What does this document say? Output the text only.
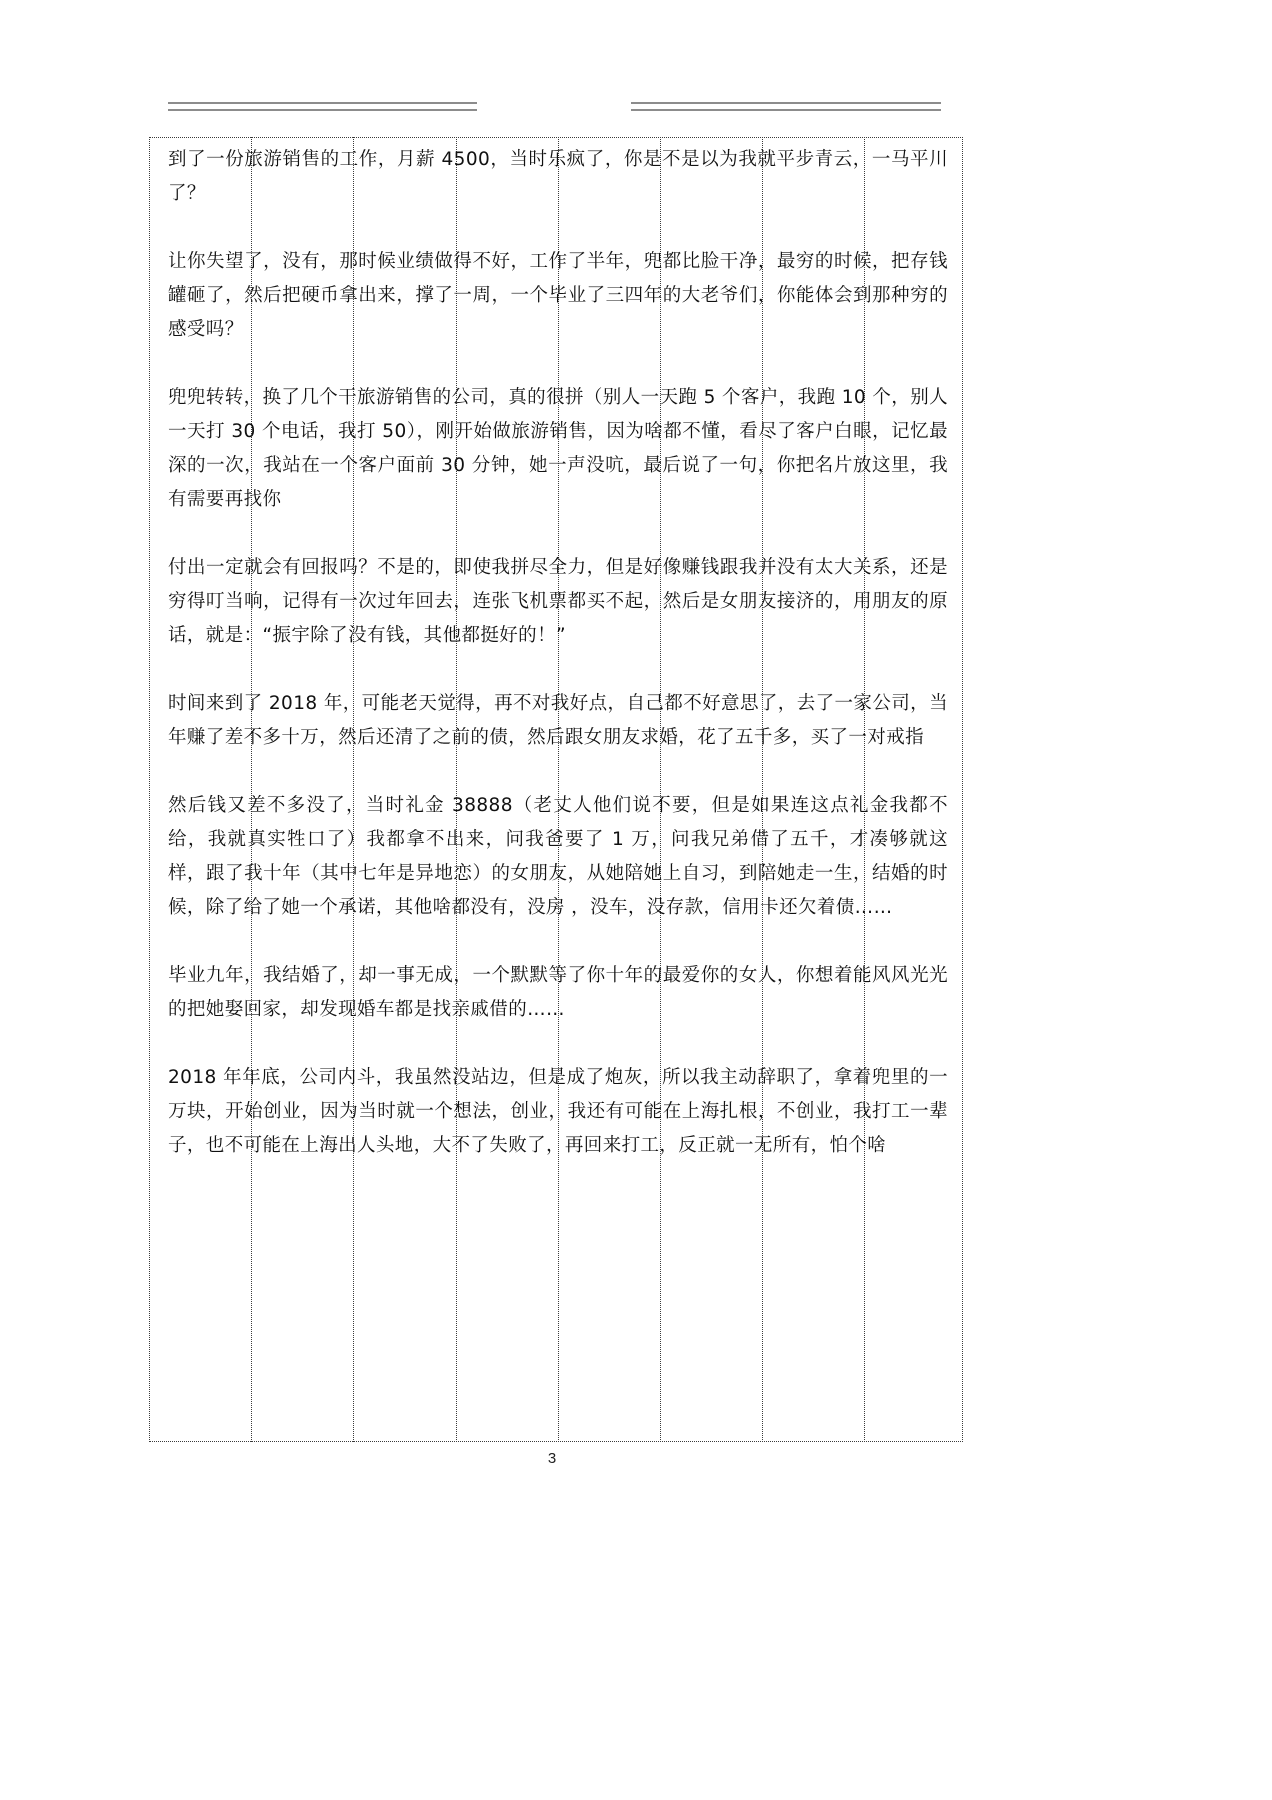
到了一份旅游销售的工作，月薪 4500，当时乐疯了，你是不是以为我就平步青云，一马平川了？

让你失望了，没有，那时候业绩做得不好，工作了半年，兜都比脸干净，最穷的时候，把存钱罐砸了，然后把硬币拿出来，撑了一周，一个毕业了三四年的大老爷们，你能体会到那种穷的感受吗？

兜兜转转，换了几个干旅游销售的公司，真的很拼（别人一天跑 5 个客户，我跑 10 个，别人一天打 30 个电话，我打 50），刚开始做旅游销售，因为啥都不懂，看尽了客户白眼，记忆最深的一次，我站在一个客户面前 30 分钟，她一声没吭，最后说了一句，你把名片放这里，我有需要再找你

付出一定就会有回报吗？不是的，即使我拼尽全力，但是好像赚钱跟我并没有太大关系，还是穷得叮当响，记得有一次过年回去，连张飞机票都买不起，然后是女朋友接济的，用朋友的原话，就是：“振宇除了没有钱，其他都挺好的！”

时间来到了 2018 年，可能老天觉得，再不对我好点，自己都不好意思了，去了一家公司，当年赚了差不多十万，然后还清了之前的债，然后跟女朋友求婚，花了五千多，买了一对戒指

然后钱又差不多没了，当时礼金 38888（老丈人他们说不要，但是如果连这点礼金我都不给，我就真实牲口了）我都拿不出来，问我爸要了 1 万，问我兄弟借了五千，才凑够就这样，跟了我十年（其中七年是异地恋）的女朋友，从她陪她上自习，到陪她走一生，结婚的时候，除了给了她一个承诺，其他啥都没有，没房 ，没车，没存款，信用卡还欠着债……

毕业九年，我结婚了，却一事无成，一个默默等了你十年的最爱你的女人，你想着能风风光光的把她娶回家，却发现婚车都是找亲戚借的……

2018 年年底，公司内斗，我虽然没站边，但是成了炮灰，所以我主动辞职了，拿着兜里的一万块，开始创业，因为当时就一个想法，创业，我还有可能在上海扎根，不创业，我打工一辈子，也不可能在上海出人头地，大不了失败了，再回来打工，反正就一无所有，怕个啥

3
